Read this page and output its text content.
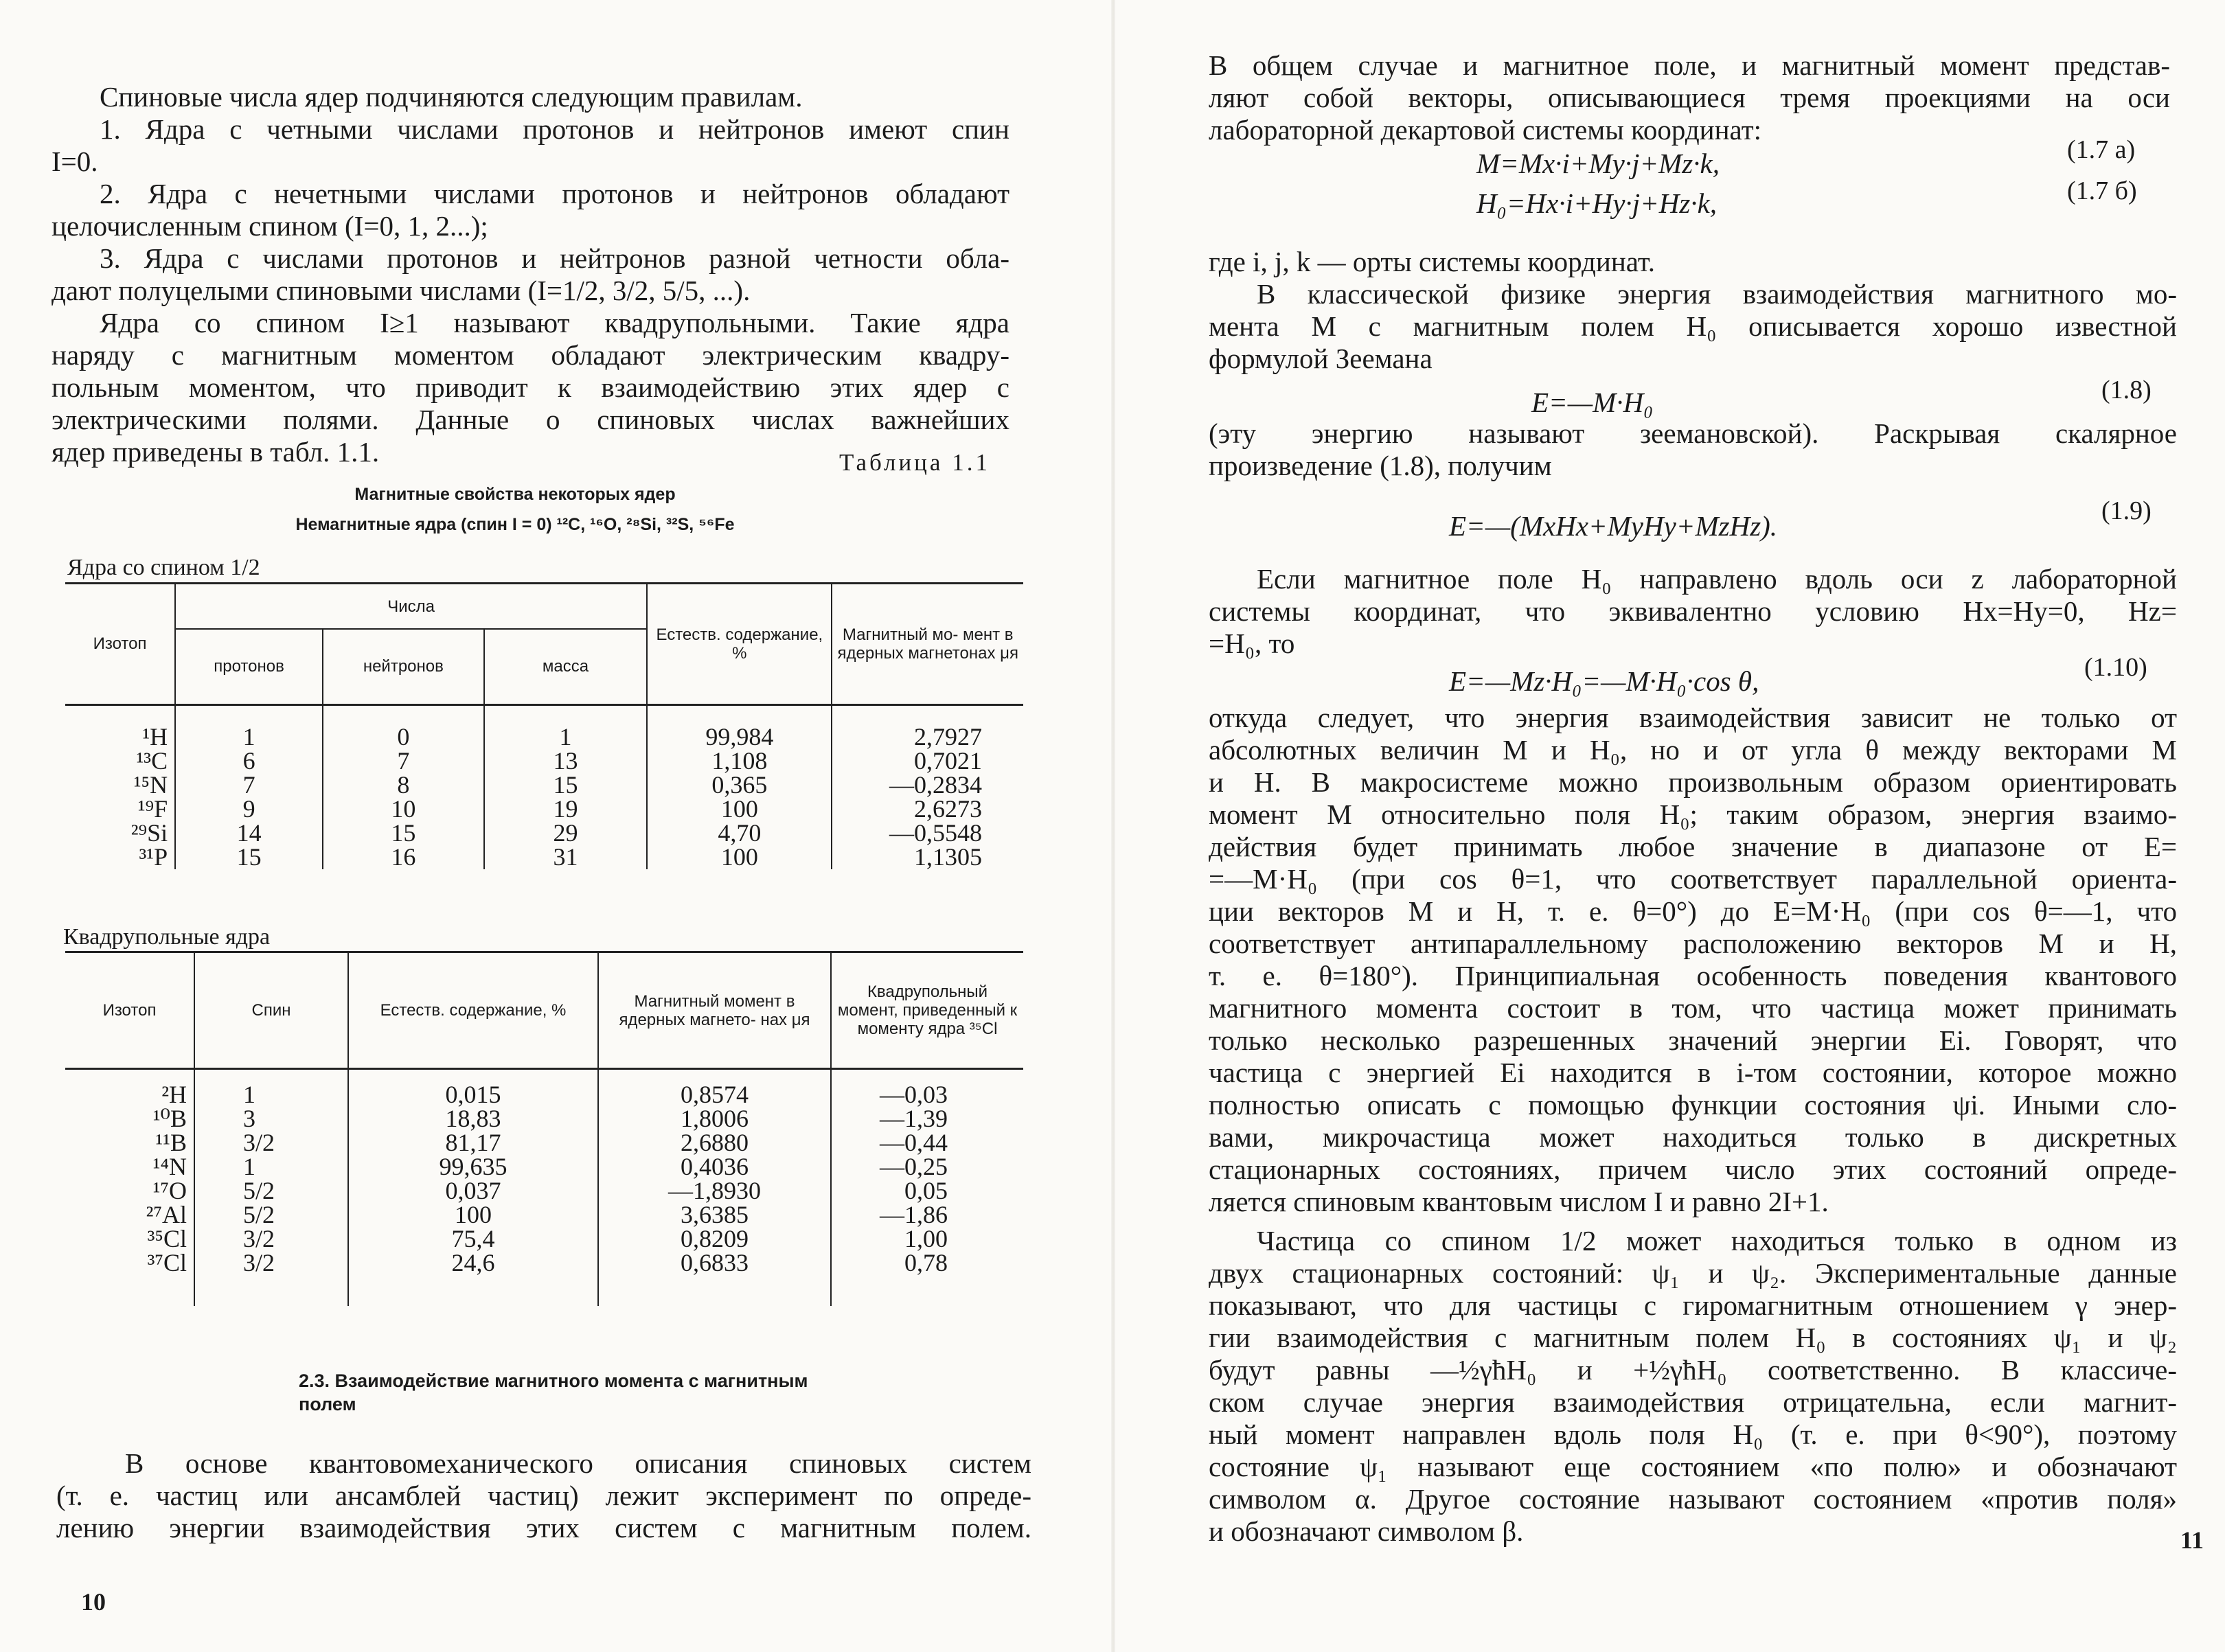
Спиновые числа ядер подчиняются следующим правилам.
1. Ядра с четными числами протонов и нейтронов имеют спин
I=0.
2. Ядра с нечетными числами протонов и нейтронов обладают
целочисленным спином (I=0, 1, 2...);
3. Ядра с числами протонов и нейтронов разной четности обла-
дают полуцелыми спиновыми числами (I=1/2, 3/2, 5/5, ...).
Ядра со спином I≥1 называют квадрупольными. Такие ядра
наряду с магнитным моментом обладают электрическим квадру-
польным моментом, что приводит к взаимодействию этих ядер с
электрическими полями. Данные о спиновых числах важнейших
ядер приведены в табл. 1.1.	Таблица 1.1
Магнитные свойства некоторых ядер
Немагнитные ядра (спин I = 0) ¹²C, ¹⁶O, ²⁸Si, ³²S, ⁵⁶Fe
Ядра со спином 1/2
Изотоп	Числа			Естеств. содержание, %	Магнитный мо- мент в ядерных магнетонах μя
	протонов	нейтронов	масса		

¹H	1	0	1	99,984	2,7927
¹³C	6	7	13	1,108	0,7021
¹⁵N	7	8	15	0,365	—0,2834
¹⁹F	9	10	19	100	2,6273
²⁹Si	14	15	29	4,70	—0,5548
³¹P	15	16	31	100	1,1305
Квадрупольные ядра
Изотоп	Спин	Естеств. содержание, %	Магнитный момент в ядерных магнето- нах μя	Квадрупольный момент, приведенный к моменту ядра ³⁵Cl

²H	1	0,015	0,8574	—0,03
¹⁰B	3	18,83	1,8006	—1,39
¹¹B	3/2	81,17	2,6880	—0,44
¹⁴N	1	99,635	0,4036	—0,25
¹⁷O	5/2	0,037	—1,8930	0,05
²⁷Al	5/2	100	3,6385	—1,86
³⁵Cl	3/2	75,4	0,8209	1,00
³⁷Cl	3/2	24,6	0,6833	0,78

2.3. Взаимодействие магнитного момента с магнитным
полем
В основе квантовомеханического описания спиновых систем
(т. е. частиц или ансамблей частиц) лежит эксперимент по опреде-
лению энергии взаимодействия этих систем с магнитным полем.
10
В общем случае и магнитное поле, и магнитный момент представ-
ляют собой векторы, описывающиеся тремя проекциями на оси
лабораторной декартовой системы координат:
M=Mx·i+My·j+Mz·k,	(1.7 а)
H₀=Hx·i+Hy·j+Hz·k,	(1.7 б)
где i, j, k — орты системы координат.
В классической физике энергия взаимодействия магнитного мо-
мента M с магнитным полем H₀ описывается хорошо известной
формулой Зеемана
E=—M·H₀	(1.8)
(эту энергию называют зеемановской). Раскрывая скалярное
произведение (1.8), получим
E=—(MxHx+MyHy+MzHz).	(1.9)
Если магнитное поле H₀ направлено вдоль оси z лабораторной
системы координат, что эквивалентно условию Hx=Hy=0, Hz=
=H₀, то
E=—Mz·H₀=—M·H₀·cos θ,	(1.10)
откуда следует, что энергия взаимодействия зависит не только от
абсолютных величин M и H₀, но и от угла θ между векторами M
и H. В макросистеме можно произвольным образом ориентировать
момент M относительно поля H₀; таким образом, энергия взаимо-
действия будет принимать любое значение в диапазоне от E=
=—M·H₀ (при cos θ=1, что соответствует параллельной ориента-
ции векторов M и H, т. е. θ=0°) до E=M·H₀ (при cos θ=—1, что
соответствует антипараллельному расположению векторов M и H,
т. е. θ=180°). Принципиальная особенность поведения квантового
магнитного момента состоит в том, что частица может принимать
только несколько разрешенных значений энергии Ei. Говорят, что
частица с энергией Ei находится в i-том состоянии, которое можно
полностью описать с помощью функции состояния ψi. Иными сло-
вами, микрочастица может находиться только в дискретных
стационарных состояниях, причем число этих состояний опреде-
ляется спиновым квантовым числом I и равно 2I+1.
Частица со спином 1/2 может находиться только в одном из
двух стационарных состояний: ψ₁ и ψ₂. Экспериментальные данные
показывают, что для частицы с гиромагнитным отношением γ энер-
гии взаимодействия с магнитным полем H₀ в состояниях ψ₁ и ψ₂
будут равны —½γħH₀ и +½γħH₀ соответственно. В классиче-
ском случае энергия взаимодействия отрицательна, если магнит-
ный момент направлен вдоль поля H₀ (т. е. при θ<90°), поэтому
состояние ψ₁ называют еще состоянием «по полю» и обозначают
символом α. Другое состояние называют состоянием «против поля»
и обозначают символом β.	11
